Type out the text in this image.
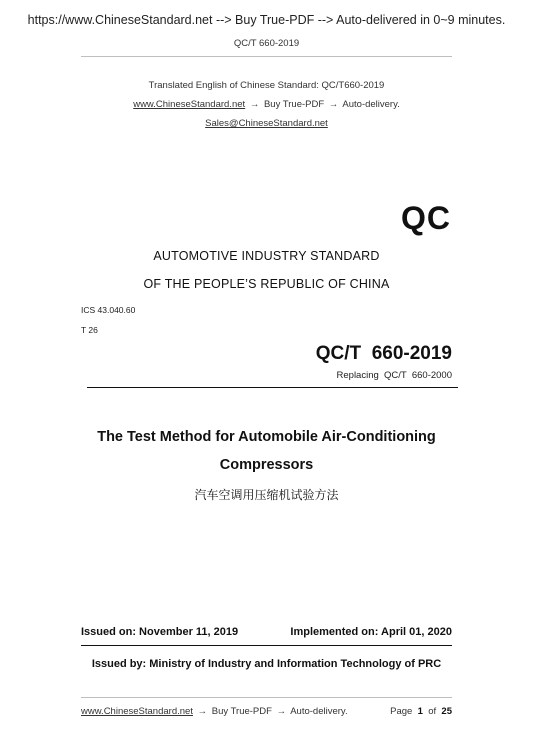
https://www.ChineseStandard.net --> Buy True-PDF --> Auto-delivered in 0~9 minutes.
QC/T 660-2019
Translated English of Chinese Standard: QC/T660-2019
www.ChineseStandard.net → Buy True-PDF → Auto-delivery.
Sales@ChineseStandard.net
QC
AUTOMOTIVE INDUSTRY STANDARD
OF THE PEOPLE’S REPUBLIC OF CHINA
ICS 43.040.60
T 26
QC/T  660-2019
Replacing  QC/T  660-2000
The Test Method for Automobile Air-Conditioning
Compressors
汽车空调用压缩机试验方法
Issued on: November 11, 2019	Implemented on: April 01, 2020
Issued by: Ministry of Industry and Information Technology of PRC
www.ChineseStandard.net → Buy True-PDF → Auto-delivery.	Page 1 of 25
